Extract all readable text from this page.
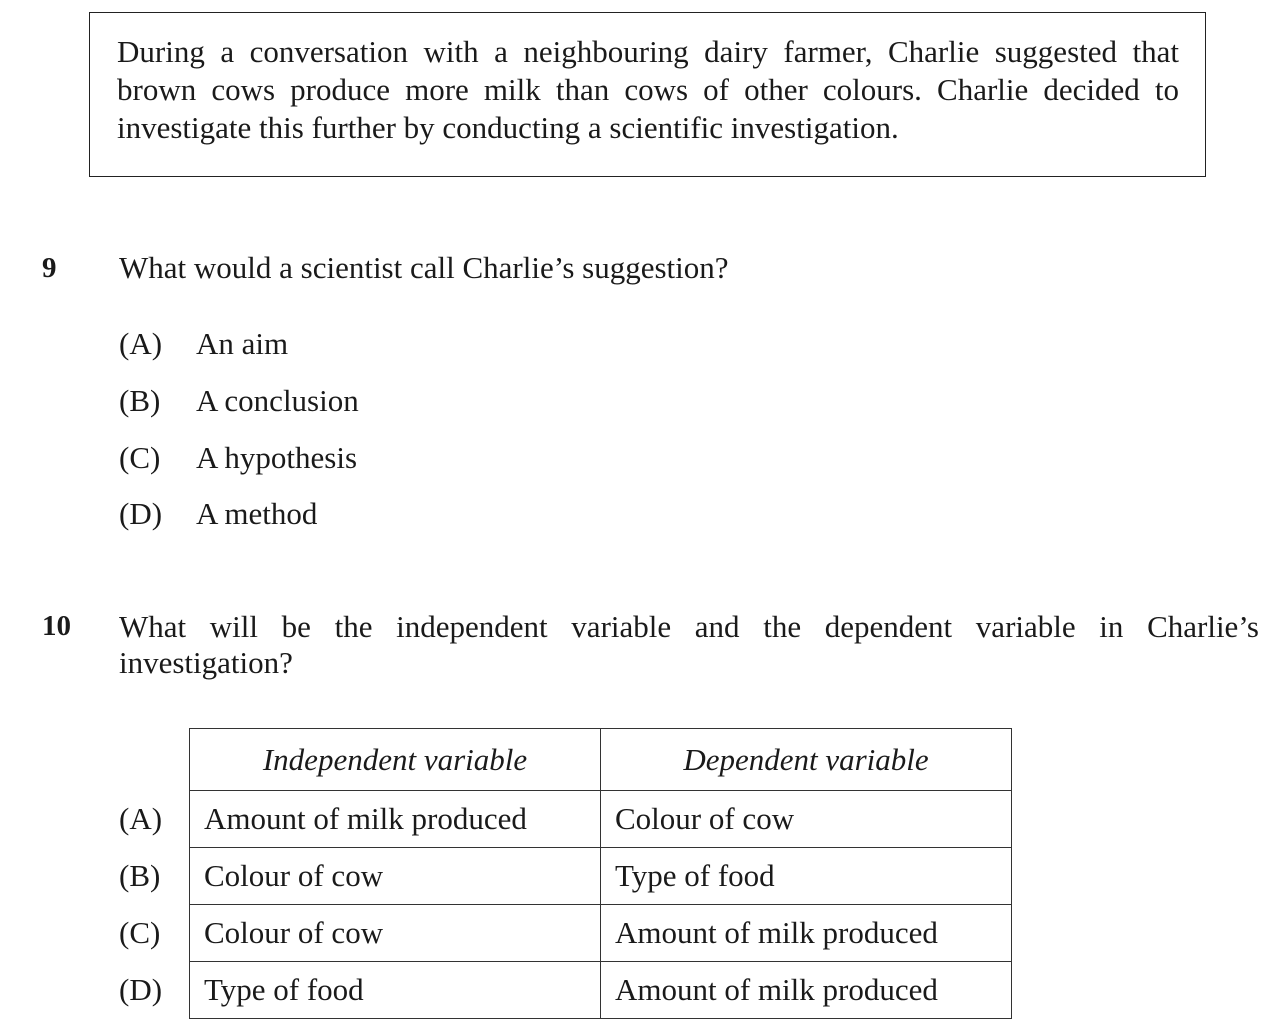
During a conversation with a neighbouring dairy farmer, Charlie suggested that brown cows produce more milk than cows of other colours. Charlie decided to investigate this further by conducting a scientific investigation.
9 What would a scientist call Charlie’s suggestion?
(A)	An aim
(B)	A conclusion
(C)	A hypothesis
(D)	A method
10 What will be the independent variable and the dependent variable in Charlie’s investigation?
(A)
(B)
(C)
(D)
Independent variable	Dependent variable
Amount of milk produced	Colour of cow
Colour of cow	Type of food
Colour of cow	Amount of milk produced
Type of food	Amount of milk produced
